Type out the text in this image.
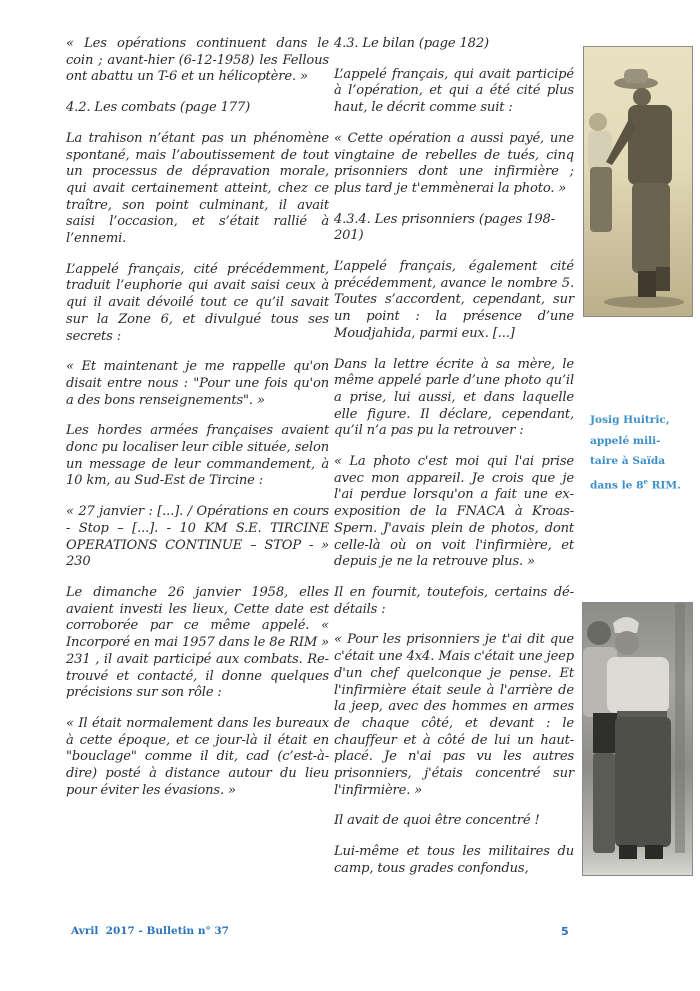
« Les opérations continuent dans le coin ; avant-hier (6-12-1958) les Fellous ont abattu un T-6 et un hélicoptère. »

4.2. Les combats (page 177)

La trahison n’étant pas un phénomène spontané, mais l’aboutissement de tout un processus de dépravation morale, qui avait certainement atteint, chez ce traître, son point culminant, il avait saisi l’occasion, et s’était rallié à l’ennemi.

L’appelé français, cité précédemment, traduit l’euphorie qui avait saisi ceux à qui il avait dévoilé tout ce qu’il savait sur la Zone 6, et divulgué tous ses secrets :

« Et maintenant je me rappelle qu'on disait entre nous : "Pour une fois qu'on a des bons renseignements". »

Les hordes armées françaises avaient donc pu localiser leur cible située, selon un message de leur commandement, à 10 km, au Sud-Est de Tircine :

« 27 janvier : [...]. / Opérations en cours - Stop – [...]. - 10 KM S.E. TIRCINE OPERATIONS CONTINUE – STOP - » 230

Le dimanche 26 janvier 1958, elles avaient investi les lieux, Cette date est corroborée par ce même appelé. « Incorporé en mai 1957 dans le 8e RIM » 231 , il avait participé aux combats. Retrouvé et contacté, il donne quelques précisions sur son rôle :

« Il était normalement dans les bureaux à cette époque, et ce jour-là il était en "bouclage" comme il dit, cad (c’est-à-dire) posté à distance autour du lieu pour éviter les évasions. »

4.3. Le bilan (page 182)

L’appelé français, qui avait participé à l’opération, et qui a été cité plus haut, le décrit comme suit :

« Cette opération a aussi payé, une vingtaine de rebelles de tués, cinq prisonniers dont une infirmière ; plus tard je t'emmènerai la photo. »

4.3.4. Les prisonniers (pages 198-201)

L’appelé français, également cité précédemment, avance le nombre 5. Toutes s’accordent, cependant, sur un point : la présence d’une Moudjahida, parmi eux. [...]

Dans la lettre écrite à sa mère, le même appelé parle d’une photo qu’il a prise, lui aussi, et dans laquelle elle figure. Il déclare, cependant, qu’il n’a pas pu la retrouver :

« La photo c'est moi qui l'ai prise avec mon appareil. Je crois que je l'ai perdue lorsqu'on a fait une exexposition de la FNACA à Kroas-Spern. J'avais plein de photos, dont celle-là où on voit l'infirmière, et depuis je ne la retrouve plus. »

Il en fournit, toutefois, certains dédétails :

« Pour les prisonniers je t'ai dit que c'était une 4x4. Mais c'était une jeep d'un chef quelconque je pense. Et l'infirmière était seule à l'arrière de la jeep, avec des hommes en armes de chaque côté, et devant : le chauffeur et à côté de lui un haut-placé. Je n'ai pas vu les autres prisonniers, j'étais concentré sur l'infirmière. »

Il avait de quoi être concentré !

Lui-même et tous les militaires du camp, tous grades confondus,

Josig Huitric,
appelé mili-
taire à Saïda
dans le 8e RIM.
Avril  2017 - Bulletin n° 37	5
